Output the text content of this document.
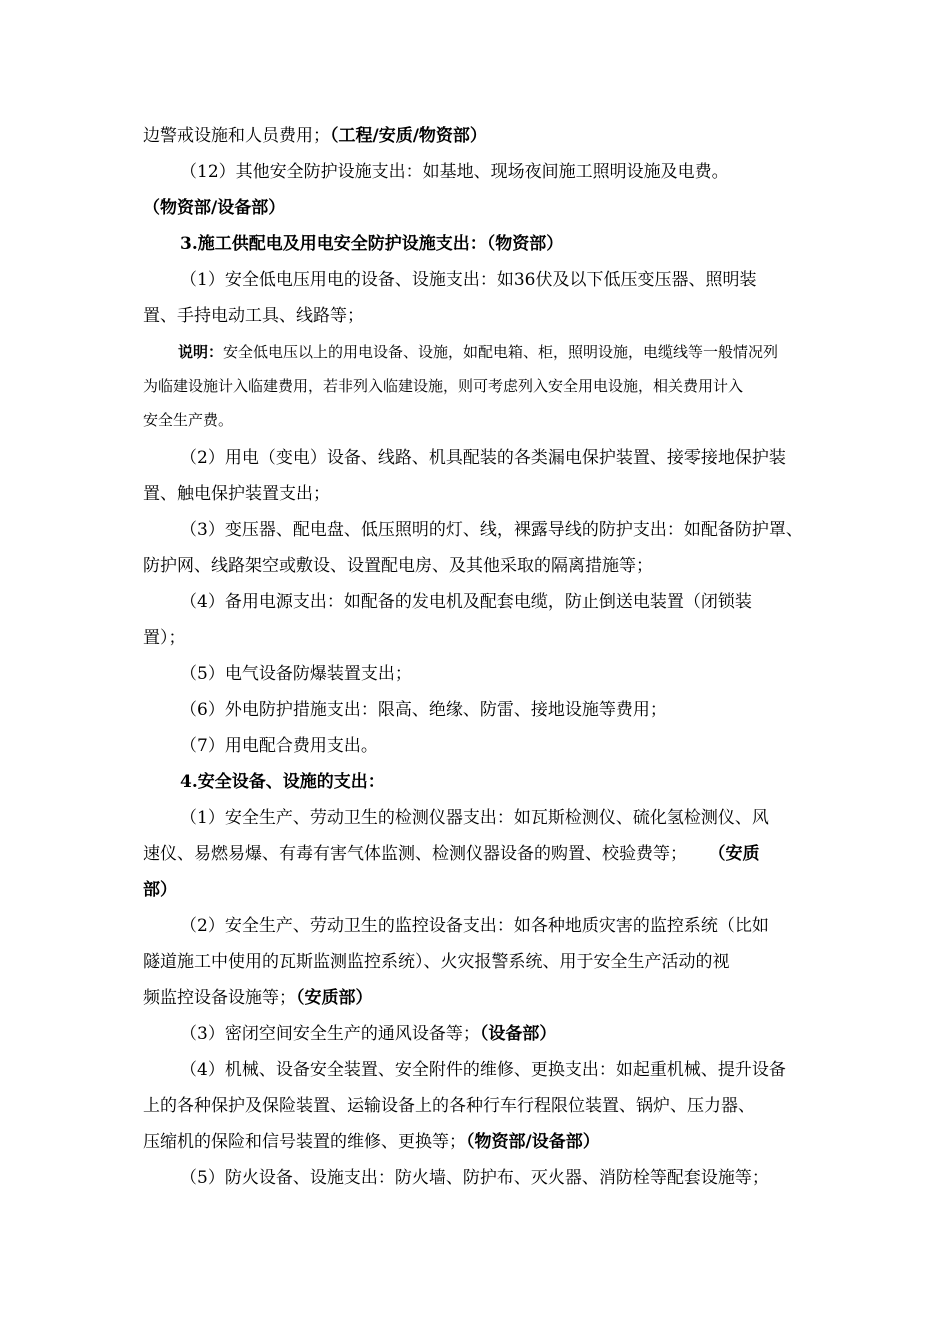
边警戒设施和人员费用；（工程/安质/物资部）
（12）其他安全防护设施支出：如基地、现场夜间施工照明设施及电费。
（物资部/设备部）
3.施工供配电及用电安全防护设施支出：（物资部）
（1）安全低电压用电的设备、设施支出：如36伏及以下低压变压器、照明装
置、手持电动工具、线路等；
说明：安全低电压以上的用电设备、设施，如配电箱、柜，照明设施，电缆线等一般情况列
为临建设施计入临建费用，若非列入临建设施，则可考虑列入安全用电设施，相关费用计入
安全生产费。
（2）用电（变电）设备、线路、机具配装的各类漏电保护装置、接零接地保护装
置、触电保护装置支出；
（3）变压器、配电盘、低压照明的灯、线，裸露导线的防护支出：如配备防护罩、
防护网、线路架空或敷设、设置配电房、及其他采取的隔离措施等；
（4）备用电源支出：如配备的发电机及配套电缆，防止倒送电装置（闭锁装
置）；
（5）电气设备防爆装置支出；
（6）外电防护措施支出：限高、绝缘、防雷、接地设施等费用；
（7）用电配合费用支出。
4.安全设备、设施的支出：
（1）安全生产、劳动卫生的检测仪器支出：如瓦斯检测仪、硫化氢检测仪、风
速仪、易燃易爆、有毒有害气体监测、检测仪器设备的购置、校验费等； （安质
部）
（2）安全生产、劳动卫生的监控设备支出：如各种地质灾害的监控系统（比如
隧道施工中使用的瓦斯监测监控系统）、火灾报警系统、用于安全生产活动的视
频监控设备设施等；（安质部）
（3）密闭空间安全生产的通风设备等；（设备部）
（4）机械、设备安全装置、安全附件的维修、更换支出：如起重机械、提升设备
上的各种保护及保险装置、运输设备上的各种行车行程限位装置、锅炉、压力器、
压缩机的保险和信号装置的维修、更换等；（物资部/设备部）
（5）防火设备、设施支出：防火墙、防护布、灭火器、消防栓等配套设施等；
